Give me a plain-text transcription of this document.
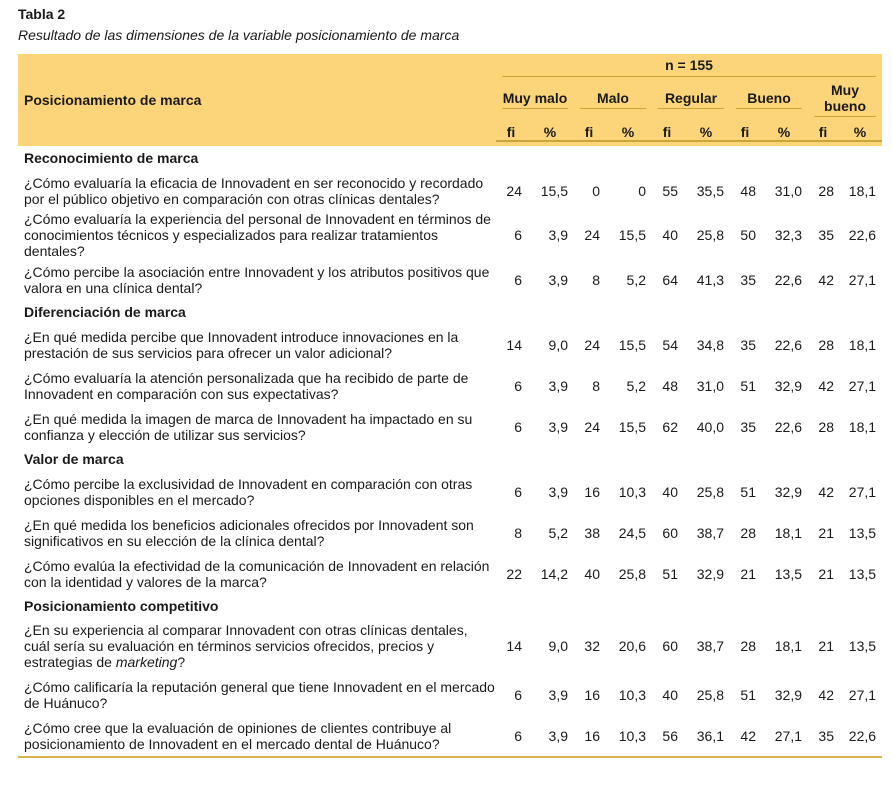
Tabla 2
Resultado de las dimensiones de la variable posicionamiento de marca
Posicionamiento de marca	n = 155									

	Muy malo		Malo		Regular		Bueno		Muy bueno	

	fi	%	fi	%	fi	%	fi	%	fi	%

Reconocimiento de marca										
¿Cómo evaluaría la eficacia de Innovadent en ser reconocido y recordado por el público objetivo en comparación con otras clínicas dentales?	24	15,5	0	0	55	35,5	48	31,0	28	18,1
¿Cómo evaluaría la experiencia del personal de Innovadent en términos de conocimientos técnicos y especializados para realizar tratamientos dentales?	6	3,9	24	15,5	40	25,8	50	32,3	35	22,6
¿Cómo percibe la asociación entre Innovadent y los atributos positivos que valora en una clínica dental?	6	3,9	8	5,2	64	41,3	35	22,6	42	27,1
Diferenciación de marca										
¿En qué medida percibe que Innovadent introduce innovaciones en la prestación de sus servicios para ofrecer un valor adicional?	14	9,0	24	15,5	54	34,8	35	22,6	28	18,1
¿Cómo evaluaría la atención personalizada que ha recibido de parte de Innovadent en comparación con sus expectativas?	6	3,9	8	5,2	48	31,0	51	32,9	42	27,1
¿En qué medida la imagen de marca de Innovadent ha impactado en su confianza y elección de utilizar sus servicios?	6	3,9	24	15,5	62	40,0	35	22,6	28	18,1
Valor de marca										
¿Cómo percibe la exclusividad de Innovadent en comparación con otras opciones disponibles en el mercado?	6	3,9	16	10,3	40	25,8	51	32,9	42	27,1
¿En qué medida los beneficios adicionales ofrecidos por Innovadent son significativos en su elección de la clínica dental?	8	5,2	38	24,5	60	38,7	28	18,1	21	13,5
¿Cómo evalúa la efectividad de la comunicación de Innovadent en relación con la identidad y valores de la marca?	22	14,2	40	25,8	51	32,9	21	13,5	21	13,5
Posicionamiento competitivo										
¿En su experiencia al comparar Innovadent con otras clínicas dentales, cuál sería su evaluación en términos servicios ofrecidos, precios y estrategias de marketing?	14	9,0	32	20,6	60	38,7	28	18,1	21	13,5
¿Cómo calificaría la reputación general que tiene Innovadent en el mercado de Huánuco?	6	3,9	16	10,3	40	25,8	51	32,9	42	27,1
¿Cómo cree que la evaluación de opiniones de clientes contribuye al posicionamiento de Innovadent en el mercado dental de Huánuco?	6	3,9	16	10,3	56	36,1	42	27,1	35	22,6
